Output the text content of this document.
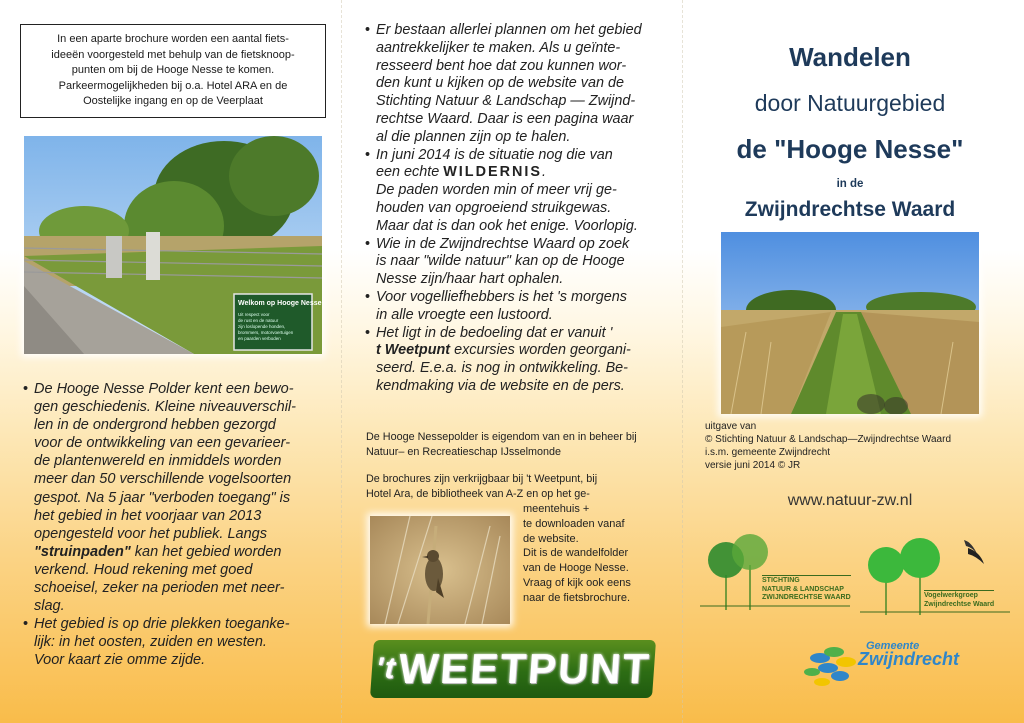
In een aparte brochure worden een aantal fiets-
ideeën voorgesteld met behulp van de fietsknoop-
punten om bij de Hooge Nesse te komen.
Parkeermogelijkheden bij o.a. Hotel ARA en de
Oostelijke ingang en op de Veerplaat
Welkom op Hooge Nesse
Uit respect voor
de rust en de natuur
zijn loslopende honden,
brommers, motorvoertuigen
en paarden verboden
• De Hooge Nesse Polder kent een bewo-
gen geschiedenis. Kleine niveauverschil-
len in de ondergrond hebben gezorgd
voor de ontwikkeling van een gevarieer-
de plantenwereld en inmiddels worden
meer dan 50 verschillende vogelsoorten
gespot. Na 5 jaar "verboden toegang" is
het gebied in het voorjaar van 2013
opengesteld voor het publiek. Langs
"struinpaden" kan het gebied worden
verkend. Houd rekening met goed
schoeisel, zeker na perioden met neer-
slag.
• Het gebied is op drie plekken toeganke-
lijk: in het oosten, zuiden en westen.
Voor kaart zie omme zijde.	't WEETPUNT
• Er bestaan allerlei plannen om het gebied
aantrekkelijker te maken. Als u geïnte-
resseerd bent hoe dat zou kunnen wor-
den kunt u kijken op de website van de
Stichting Natuur & Landschap — Zwijnd-
rechtse Waard. Daar is een pagina waar
al die plannen zijn op te halen.
• In juni 2014 is de situatie nog die van
een echte WILDERNIS.
De paden worden min of meer vrij ge-
houden van opgroeiend struikgewas.
Maar dat is dan ook het enige. Voorlopig.
• Wie in de Zwijndrechtse Waard op zoek
is naar "wilde natuur" kan op de Hooge
Nesse zijn/haar hart ophalen.
• Voor vogelliefhebbers is het 's morgens
in alle vroegte een lustoord.
• Het ligt in de bedoeling dat er vanuit '
t Weetpunt excursies worden georgani-
seerd. E.e.a. is nog in ontwikkeling. Be-
kendmaking via de website en de pers.
De Hooge Nessepolder is eigendom van en in beheer bij
Natuur– en Recreatieschap IJsselmonde
De brochures zijn verkrijgbaar bij 't Weetpunt, bij
Hotel Ara, de bibliotheek van A-Z en op het ge-
meentehuis +
te downloaden vanaf
de website.
Dit is de wandelfolder
van de Hooge Nesse.
Vraag of kijk ook eens
naar de fietsbrochure.
Wandelen
door Natuurgebied
de "Hooge Nesse"
in de
Zwijndrechtse Waard
uitgave van
© Stichting Natuur & Landschap—Zwijndrechtse Waard
i.s.m. gemeente Zwijndrecht
versie juni 2014 © JR
www.natuur-zw.nl
STICHTING
NATUUR & LANDSCHAP
ZWIJNDRECHTSE WAARD	Vogelwerkgroep
Zwijndrechtse Waard
Gemeente
Zwijndrecht
